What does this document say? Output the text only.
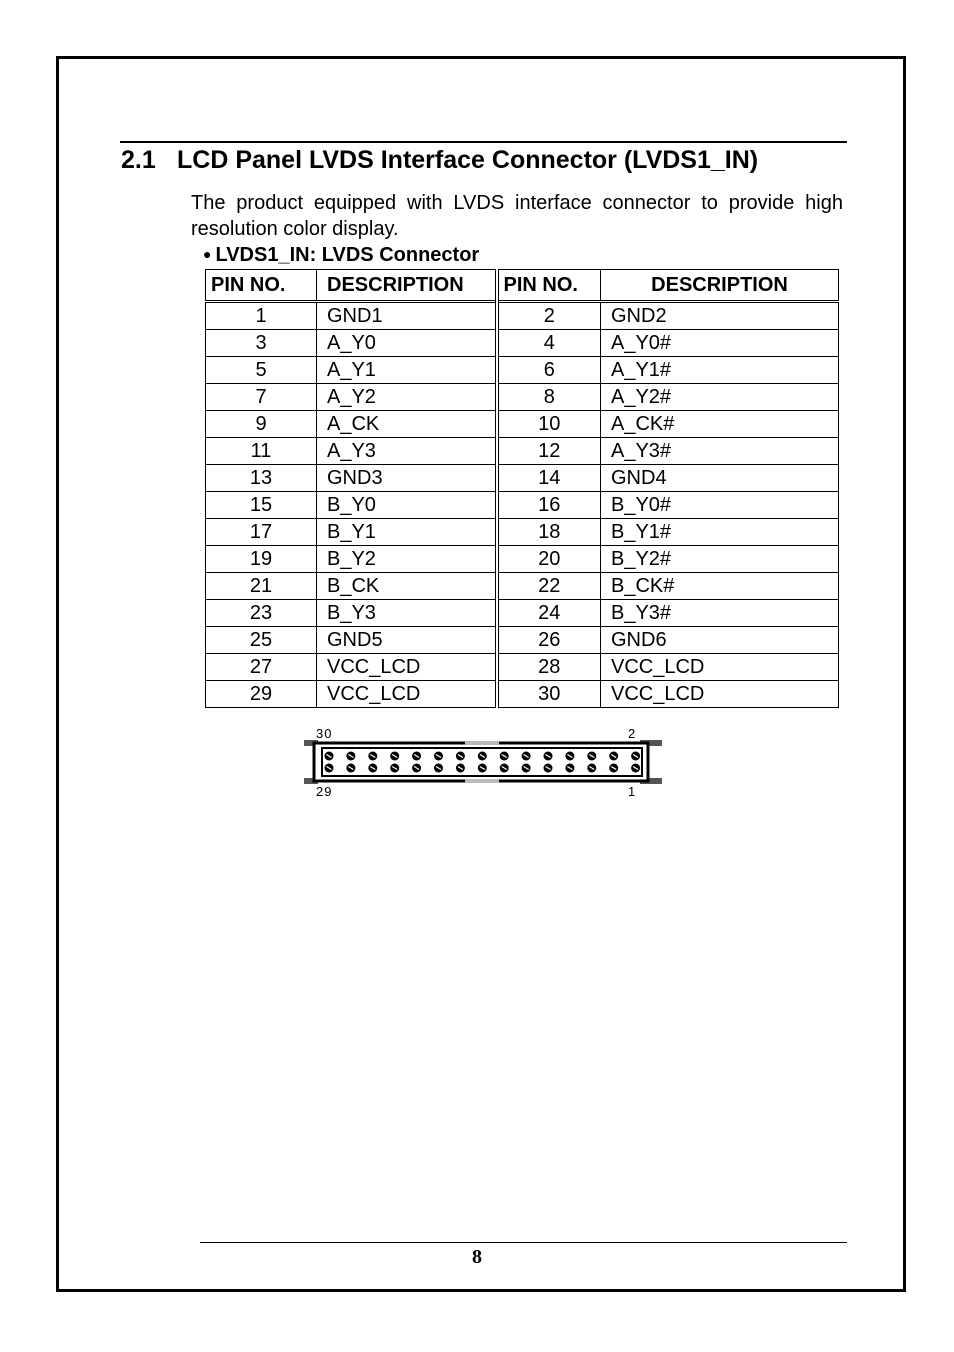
2.1 LCD Panel LVDS Interface Connector (LVDS1_IN)

The product equipped with LVDS interface connector to provide high resolution color display.

● LVDS1_IN: LVDS Connector
PIN NO.	DESCRIPTION	PIN NO.	DESCRIPTION
1	GND1	2	GND2
3	A_Y0	4	A_Y0#
5	A_Y1	6	A_Y1#
7	A_Y2	8	A_Y2#
9	A_CK	10	A_CK#
11	A_Y3	12	A_Y3#
13	GND3	14	GND4
15	B_Y0	16	B_Y0#
17	B_Y1	18	B_Y1#
19	B_Y2	20	B_Y2#
21	B_CK	22	B_CK#
23	B_Y3	24	B_Y3#
25	GND5	26	GND6
27	VCC_LCD	28	VCC_LCD
29	VCC_LCD	30	VCC_LCD
30	2
29	1
8
